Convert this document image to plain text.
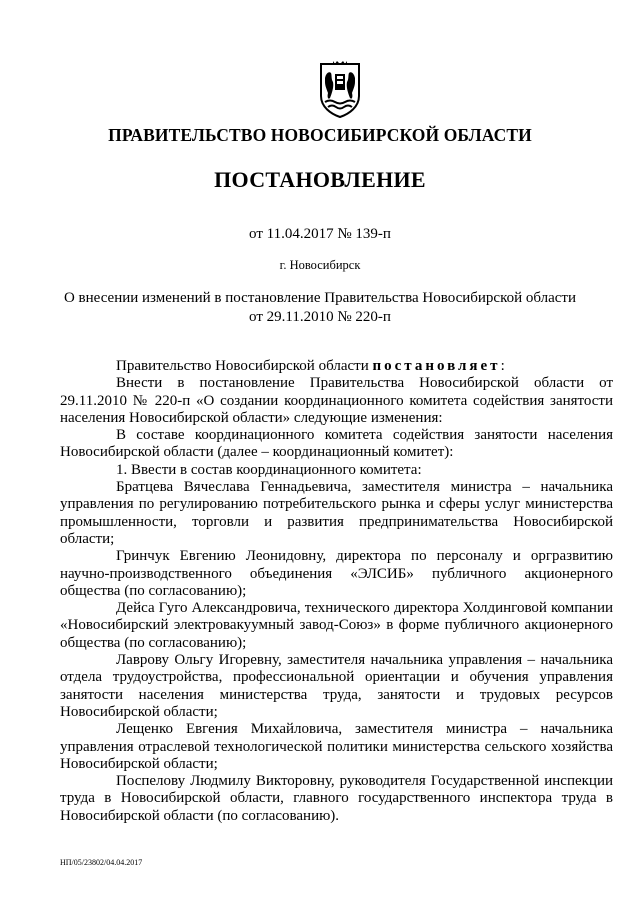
ПРАВИТЕЛЬСТВО НОВОСИБИРСКОЙ ОБЛАСТИ
ПОСТАНОВЛЕНИЕ
от 11.04.2017 № 139-п
г. Новосибирск
О внесении изменений в постановление Правительства Новосибирской области
от 29.11.2010 № 220-п

Правительство Новосибирской области постановляет:

Внести в постановление Правительства Новосибирской области от 29.11.2010 № 220-п «О создании координационного комитета содействия занятости населения Новосибирской области» следующие изменения:

В составе координационного комитета содействия занятости населения Новосибирской области (далее – координационный комитет):

1. Ввести в состав координационного комитета:

Братцева Вячеслава Геннадьевича, заместителя министра – начальника управления по регулированию потребительского рынка и сферы услуг министерства промышленности, торговли и развития предпринимательства Новосибирской области;

Гринчук Евгению Леонидовну, директора по персоналу и оргразвитию научно-производственного объединения «ЭЛСИБ» публичного акционерного общества (по согласованию);

Дейса Гуго Александровича, технического директора Холдинговой компании «Новосибирский электровакуумный завод-Союз» в форме публичного акционерного общества (по согласованию);

Лаврову Ольгу Игоревну, заместителя начальника управления – начальника отдела трудоустройства, профессиональной ориентации и обучения управления занятости населения министерства труда, занятости и трудовых ресурсов Новосибирской области;

Лещенко Евгения Михайловича, заместителя министра – начальника управления отраслевой технологической политики министерства сельского хозяйства Новосибирской области;

Поспелову Людмилу Викторовну, руководителя Государственной инспекции труда в Новосибирской области, главного государственного инспектора труда в Новосибирской области (по согласованию).

НП/05/23802/04.04.2017
